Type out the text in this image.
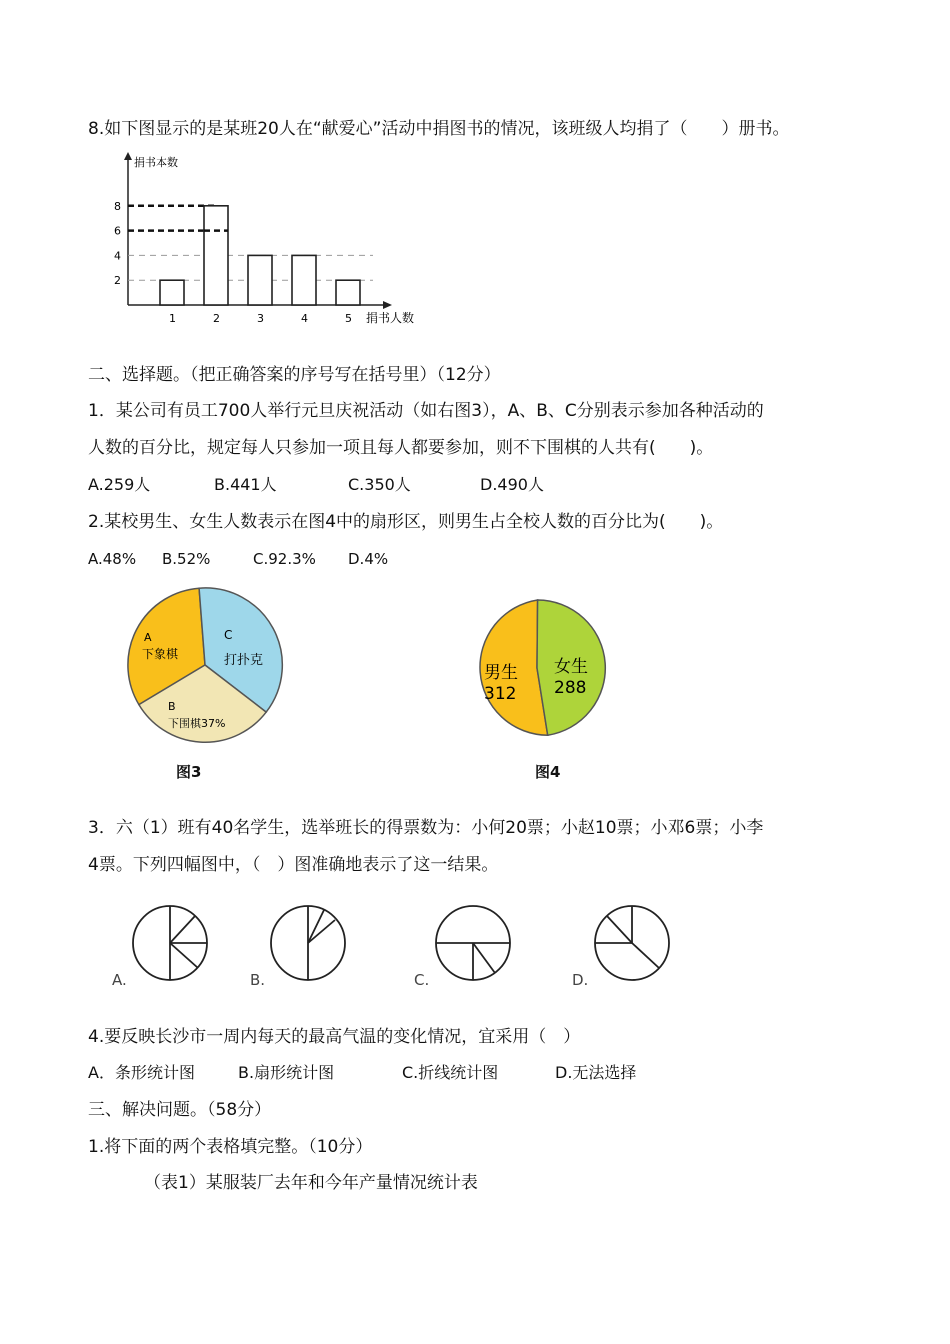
8.如下图显示的是某班20人在“献爱心”活动中捐图书的情况，该班级人均捐了（　　）册书。
2
4
6
8
1	2	3	4	5
捐书本数
捐书人数
二、选择题。（把正确答案的序号写在括号里）（12分）
1．某公司有员工700人举行元旦庆祝活动（如右图3），A、B、C分别表示参加各种活动的
人数的百分比，规定每人只参加一项且每人都要参加，则不下围棋的人共有(　　)。
A.259人	B.441人	C.350人	D.490人
2.某校男生、女生人数表示在图4中的扇形区，则男生占全校人数的百分比为(　　)。
A.48% B.52%	C.92.3% D.4%
A
下象棋
C
打扑克
B
下围棋37%
图3
男生
312
女生
288
图4
3．六（1）班有40名学生，选举班长的得票数为：小何20票；小赵10票；小邓6票；小李
4票。下列四幅图中，（　）图准确地表示了这一结果。
A.	B.	C.	D.
4.要反映长沙市一周内每天的最高气温的变化情况，宜采用（　）
A．条形统计图	B.扇形统计图	C.折线统计图	D.无法选择
三、解决问题。（58分）
1.将下面的两个表格填完整。（10分）
（表1）某服装厂去年和今年产量情况统计表
